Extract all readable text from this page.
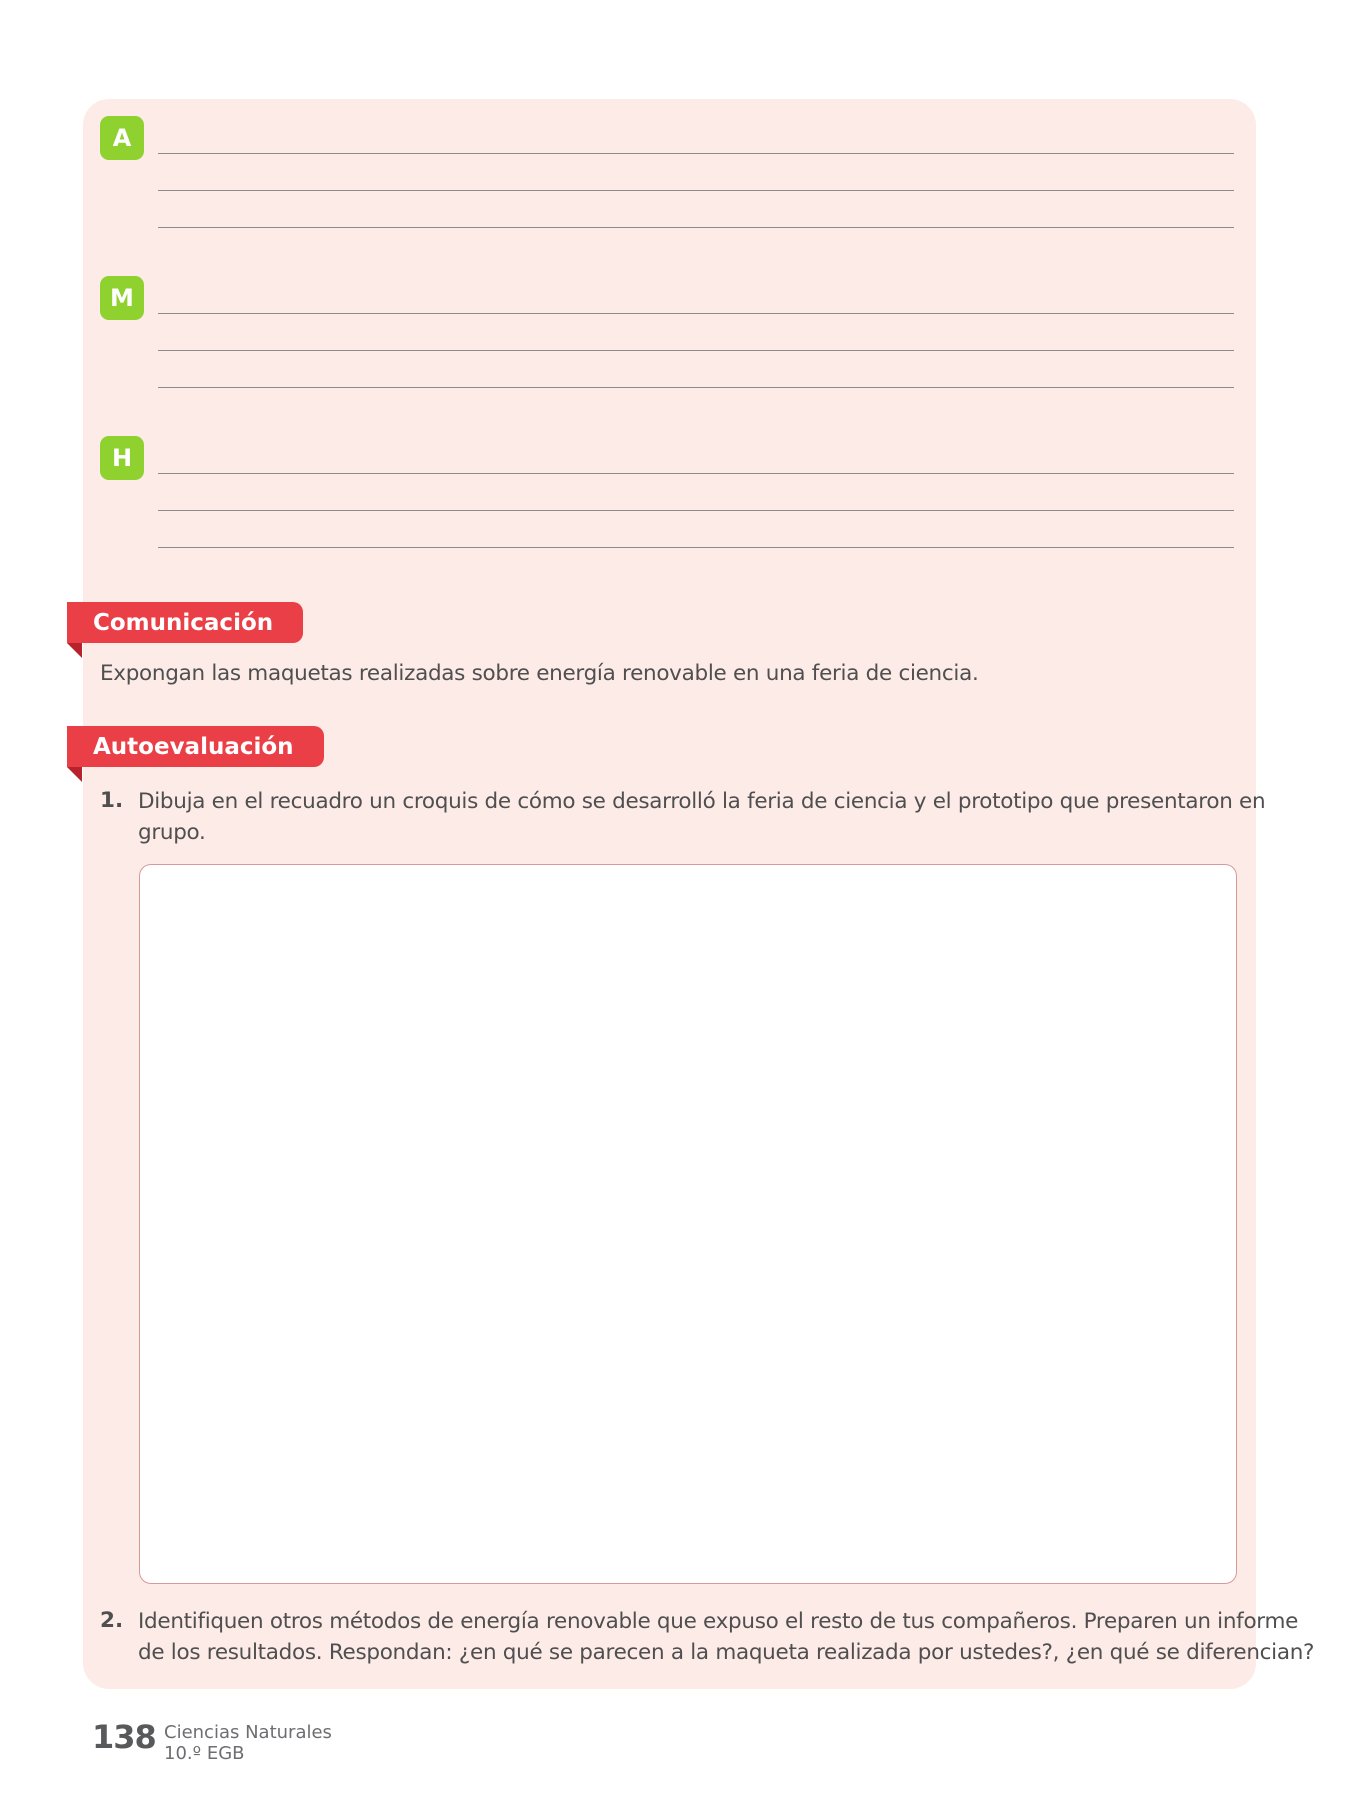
A
M
H
Comunicación
Expongan las maquetas realizadas sobre energía renovable en una feria de ciencia.
Autoevaluación
1. Dibuja en el recuadro un croquis de cómo se desarrolló la feria de ciencia y el prototipo que presentaron en
grupo.
2. Identifiquen otros métodos de energía renovable que expuso el resto de tus compañeros. Preparen un informe
de los resultados. Respondan: ¿en qué se parecen a la maqueta realizada por ustedes?, ¿en qué se diferencian?
138 Ciencias Naturales
10.º EGB
